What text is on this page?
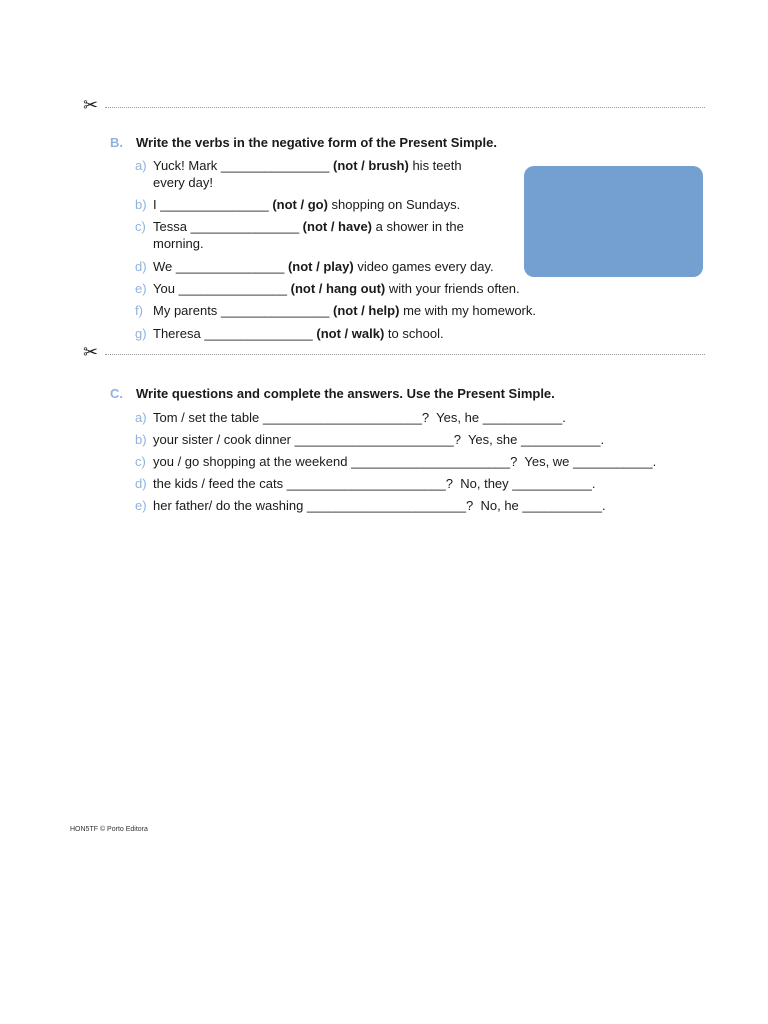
✂
B. Write the verbs in the negative form of the Present Simple.
a) Yuck! Mark _______________ (not / brush) his teeth
every day!
b) I _______________ (not / go) shopping on Sundays.
c) Tessa _______________ (not / have) a shower in the
morning.
d) We _______________ (not / play) video games every day.
e) You _______________ (not / hang out) with your friends often.
f) My parents _______________ (not / help) me with my homework.
g) Theresa _______________ (not / walk) to school.
✂
C. Write questions and complete the answers. Use the Present Simple.
a) Tom / set the table ______________________? Yes, he ___________.
b) your sister / cook dinner ______________________? Yes, she ___________.
c) you / go shopping at the weekend ______________________? Yes, we ___________.
d) the kids / feed the cats ______________________? No, they ___________.
e) her father/ do the washing ______________________? No, he ___________.
HON5TF © Porto Editora
